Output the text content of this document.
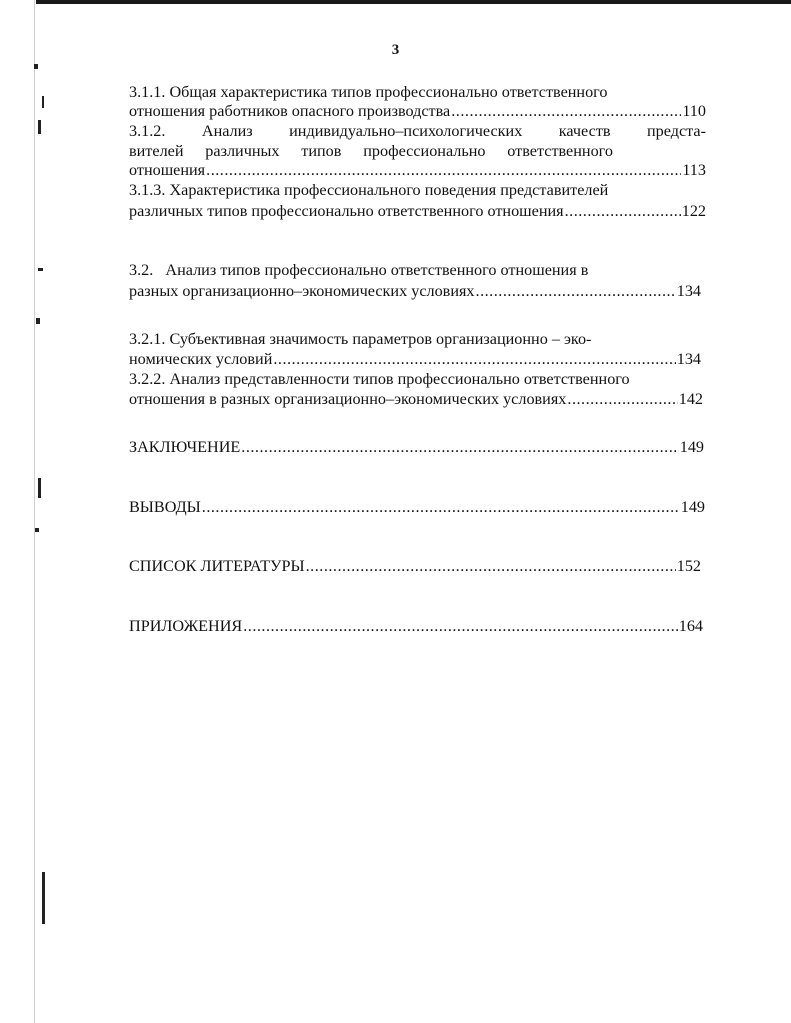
3
3.1.1. Общая характеристика типов профессионально ответственного
отношения работников опасного производства .....	110
3.1.2. Анализ индивидуально–психологических качеств предста-
вителей различных типов профессионально ответственного
отношения .....	113
3.1.3. Характеристика профессионального поведения представителей
различных типов профессионально ответственного отношения .....	122
3.2.   Анализ типов профессионально ответственного отношения в
разных организационно–экономических условиях .....	134
3.2.1. Субъективная значимость параметров организационно – эко-
номических условий .....	134
3.2.2. Анализ представленности типов профессионально ответственного
отношения в разных организационно–экономических условиях .....	142
ЗАКЛЮЧЕНИЕ .....	149
ВЫВОДЫ .....	149
СПИСОК ЛИТЕРАТУРЫ .....	152
ПРИЛОЖЕНИЯ .....	164
